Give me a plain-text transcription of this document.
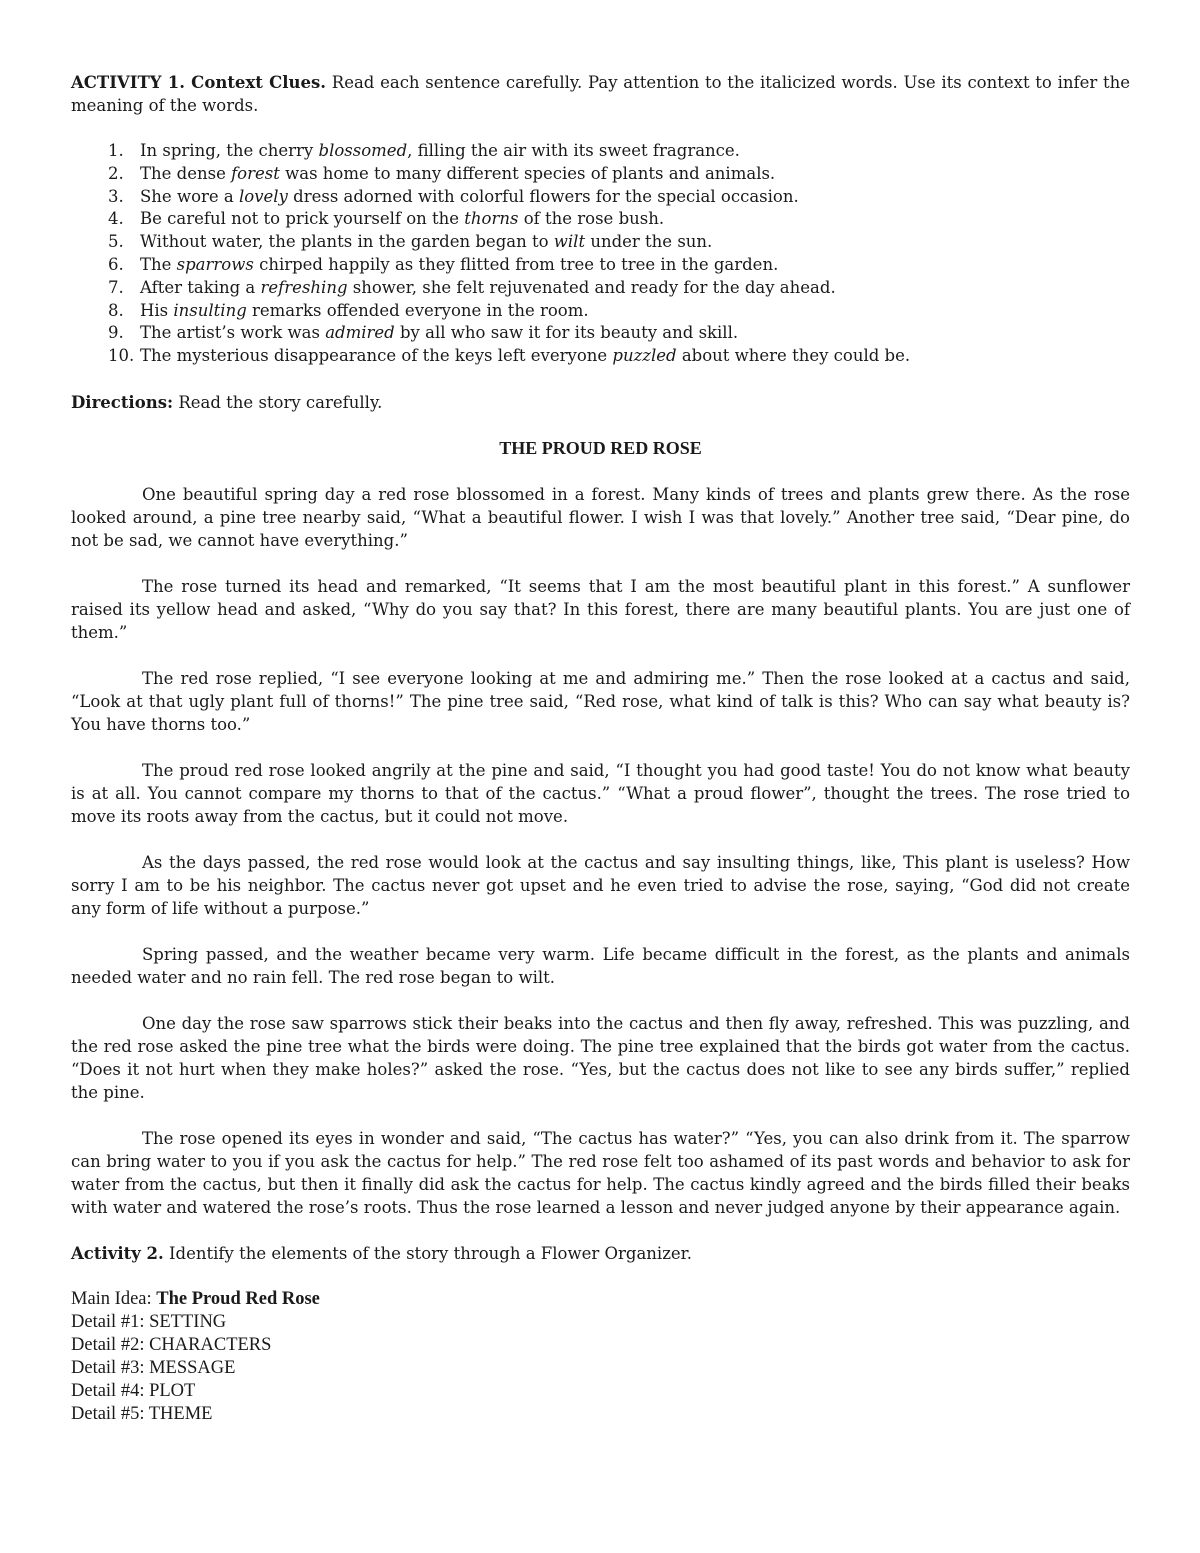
ACTIVITY 1. Context Clues. Read each sentence carefully. Pay attention to the italicized words. Use its context to infer the meaning of the words.

1. In spring, the cherry blossomed, filling the air with its sweet fragrance.
2. The dense forest was home to many different species of plants and animals.
3. She wore a lovely dress adorned with colorful flowers for the special occasion.
4. Be careful not to prick yourself on the thorns of the rose bush.
5. Without water, the plants in the garden began to wilt under the sun.
6. The sparrows chirped happily as they flitted from tree to tree in the garden.
7. After taking a refreshing shower, she felt rejuvenated and ready for the day ahead.
8. His insulting remarks offended everyone in the room.
9. The artist’s work was admired by all who saw it for its beauty and skill.
10. The mysterious disappearance of the keys left everyone puzzled about where they could be.

Directions: Read the story carefully.

THE PROUD RED ROSE

One beautiful spring day a red rose blossomed in a forest. Many kinds of trees and plants grew there. As the rose looked around, a pine tree nearby said, “What a beautiful flower. I wish I was that lovely.” Another tree said, “Dear pine, do not be sad, we cannot have everything.”

The rose turned its head and remarked, “It seems that I am the most beautiful plant in this forest.” A sunflower raised its yellow head and asked, “Why do you say that? In this forest, there are many beautiful plants. You are just one of them.”

The red rose replied, “I see everyone looking at me and admiring me.” Then the rose looked at a cactus and said, “Look at that ugly plant full of thorns!” The pine tree said, “Red rose, what kind of talk is this? Who can say what beauty is? You have thorns too.”

The proud red rose looked angrily at the pine and said, “I thought you had good taste! You do not know what beauty is at all. You cannot compare my thorns to that of the cactus.” “What a proud flower”, thought the trees. The rose tried to move its roots away from the cactus, but it could not move.

As the days passed, the red rose would look at the cactus and say insulting things, like, This plant is useless? How sorry I am to be his neighbor. The cactus never got upset and he even tried to advise the rose, saying, “God did not create any form of life without a purpose.”

Spring passed, and the weather became very warm. Life became difficult in the forest, as the plants and animals needed water and no rain fell. The red rose began to wilt.

One day the rose saw sparrows stick their beaks into the cactus and then fly away, refreshed. This was puzzling, and the red rose asked the pine tree what the birds were doing. The pine tree explained that the birds got water from the cactus. “Does it not hurt when they make holes?” asked the rose. “Yes, but the cactus does not like to see any birds suffer,” replied the pine.

The rose opened its eyes in wonder and said, “The cactus has water?” “Yes, you can also drink from it. The sparrow can bring water to you if you ask the cactus for help.” The red rose felt too ashamed of its past words and behavior to ask for water from the cactus, but then it finally did ask the cactus for help. The cactus kindly agreed and the birds filled their beaks with water and watered the rose’s roots. Thus the rose learned a lesson and never judged anyone by their appearance again.

Activity 2. Identify the elements of the story through a Flower Organizer.

Main Idea: The Proud Red Rose
Detail #1: SETTING
Detail #2: CHARACTERS
Detail #3: MESSAGE
Detail #4: PLOT
Detail #5: THEME
